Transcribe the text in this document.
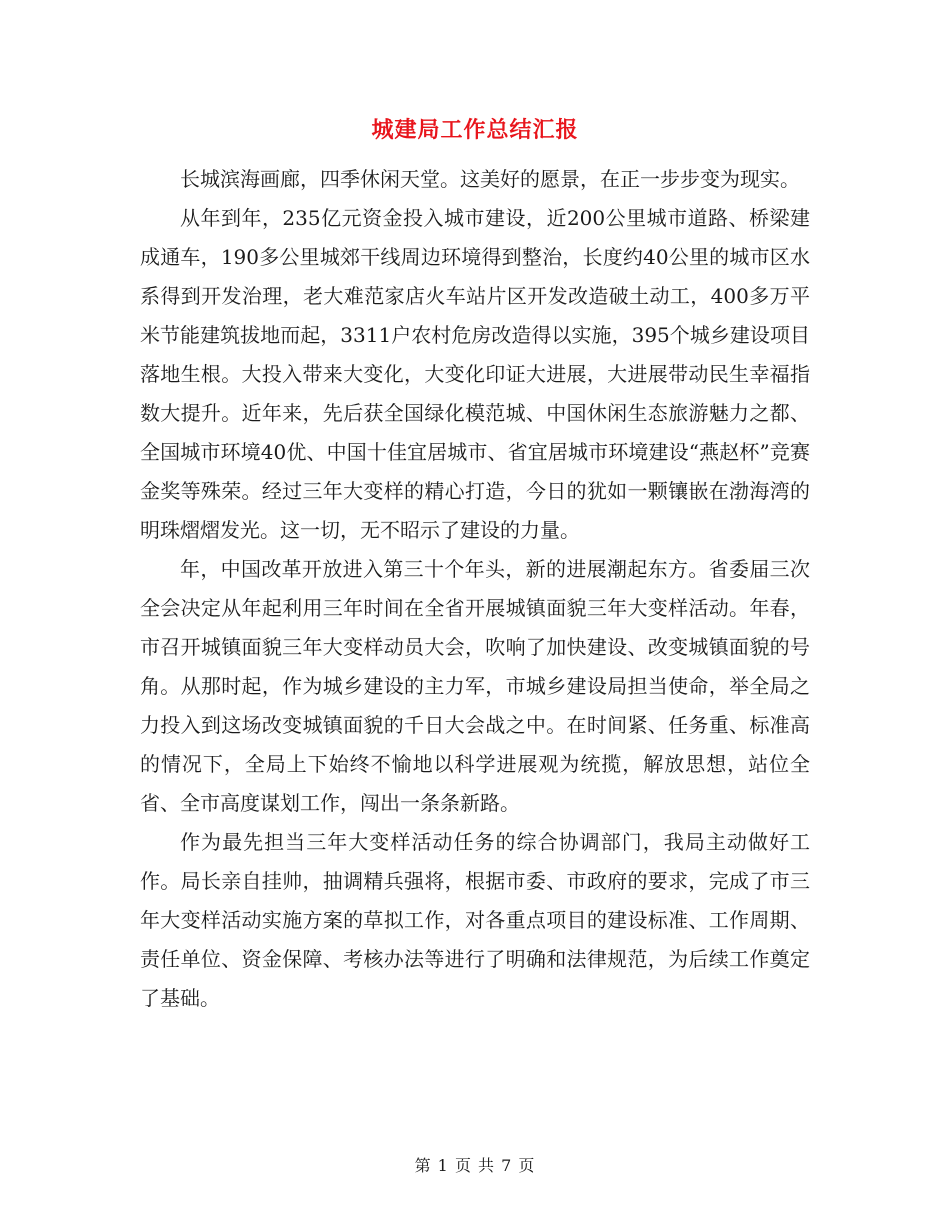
城建局工作总结汇报

长城滨海画廊，四季休闲天堂。这美好的愿景，在正一步步变为现实。

从年到年，235亿元资金投入城市建设，近200公里城市道路、桥梁建成通车，190多公里城郊干线周边环境得到整治，长度约40公里的城市区水系得到开发治理，老大难范家店火车站片区开发改造破土动工，400多万平米节能建筑拔地而起，3311户农村危房改造得以实施，395个城乡建设项目落地生根。大投入带来大变化，大变化印证大进展，大进展带动民生幸福指数大提升。近年来，先后获全国绿化模范城、中国休闲生态旅游魅力之都、全国城市环境40优、中国十佳宜居城市、省宜居城市环境建设“燕赵杯”竞赛金奖等殊荣。经过三年大变样的精心打造，今日的犹如一颗镶嵌在渤海湾的明珠熠熠发光。这一切，无不昭示了建设的力量。

年，中国改革开放进入第三十个年头，新的进展潮起东方。省委届三次全会决定从年起利用三年时间在全省开展城镇面貌三年大变样活动。年春，市召开城镇面貌三年大变样动员大会，吹响了加快建设、改变城镇面貌的号角。从那时起，作为城乡建设的主力军，市城乡建设局担当使命，举全局之力投入到这场改变城镇面貌的千日大会战之中。在时间紧、任务重、标准高的情况下，全局上下始终不愉地以科学进展观为统揽，解放思想，站位全省、全市高度谋划工作，闯出一条条新路。

作为最先担当三年大变样活动任务的综合协调部门，我局主动做好工作。局长亲自挂帅，抽调精兵强将，根据市委、市政府的要求，完成了市三年大变样活动实施方案的草拟工作，对各重点项目的建设标准、工作周期、责任单位、资金保障、考核办法等进行了明确和法律规范，为后续工作奠定了基础。

第 1 页 共 7 页
